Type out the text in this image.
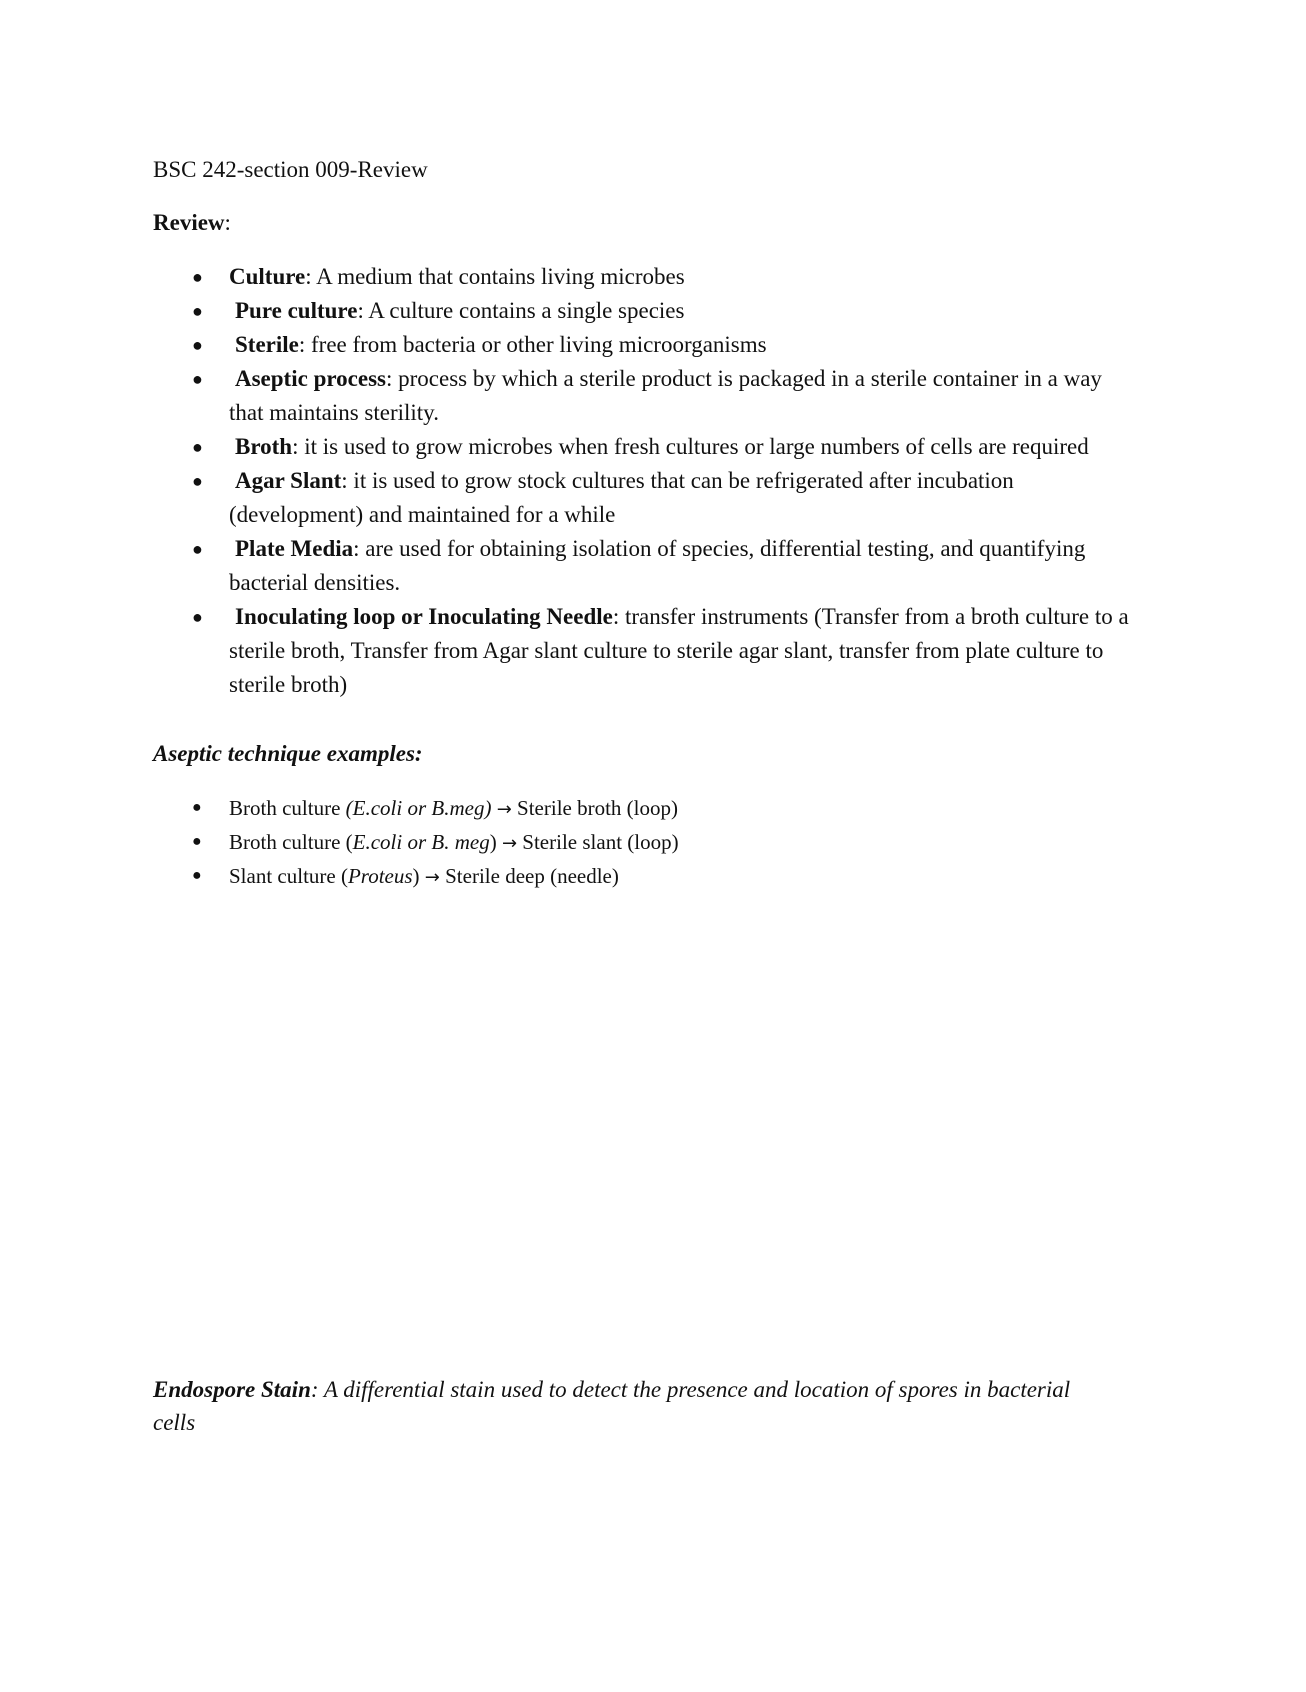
BSC 242-section 009-Review
Review:
● Culture: A medium that contains living microbes
● Pure culture: A culture contains a single species
● Sterile: free from bacteria or other living microorganisms
● Aseptic process: process by which a sterile product is packaged in a sterile container in a way that maintains sterility.
● Broth: it is used to grow microbes when fresh cultures or large numbers of cells are required
● Agar Slant: it is used to grow stock cultures that can be refrigerated after incubation (development) and maintained for a while
● Plate Media: are used for obtaining isolation of species, differential testing, and quantifying bacterial densities.
● Inoculating loop or Inoculating Needle: transfer instruments (Transfer from a broth culture to a sterile broth, Transfer from Agar slant culture to sterile agar slant, transfer from plate culture to sterile broth)
Aseptic technique examples:
● Broth culture (E.coli or B.meg) → Sterile broth (loop)
● Broth culture (E.coli or B. meg) → Sterile slant (loop)
● Slant culture (Proteus) → Sterile deep (needle)
Endospore Stain: A differential stain used to detect the presence and location of spores in bacterial cells
